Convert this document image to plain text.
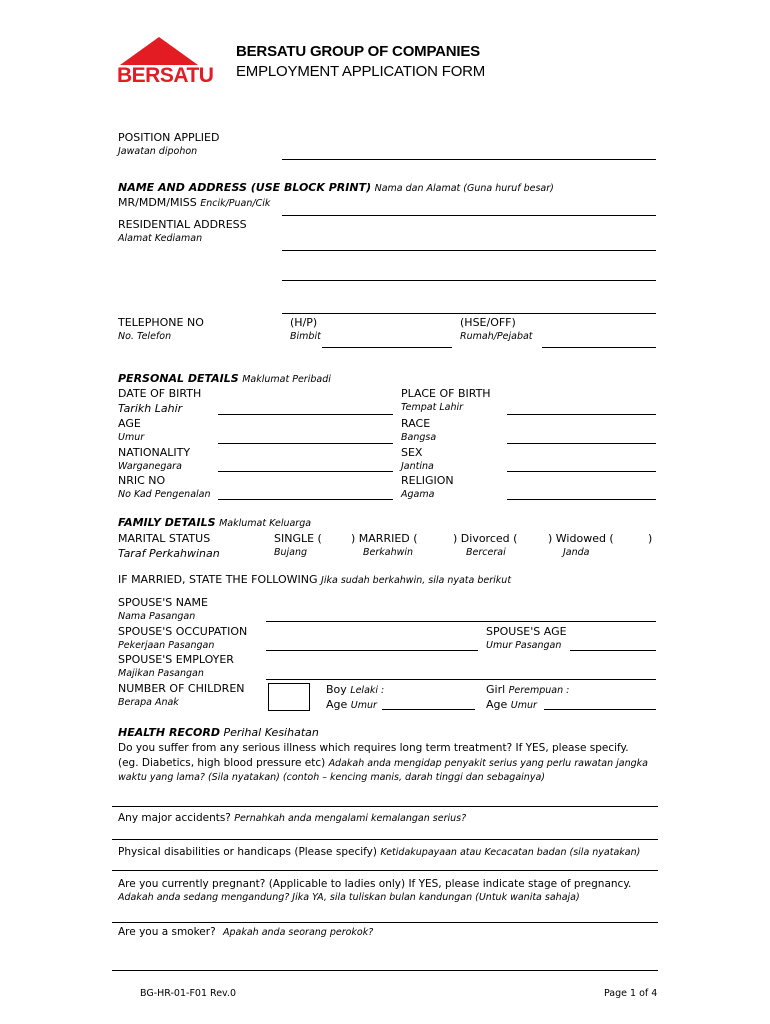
BERSATU
BERSATU GROUP OF COMPANIES
EMPLOYMENT APPLICATION FORM
POSITION APPLIED
Jawatan dipohon
NAME AND ADDRESS (USE BLOCK PRINT) Nama dan Alamat (Guna huruf besar)
MR/MDM/MISS Encik/Puan/Cik
RESIDENTIAL ADDRESS
Alamat Kediaman
TELEPHONE NO
No. Telefon
(H/P)
Bimbit
(HSE/OFF)
Rumah/Pejabat
PERSONAL DETAILS Maklumat Peribadi
DATE OF BIRTH
Tarikh Lahir
AGE
Umur
NATIONALITY
Warganegara
NRIC NO
No Kad Pengenalan
PLACE OF BIRTH
Tempat Lahir
RACE
Bangsa
SEX
Jantina
RELIGION
Agama
FAMILY DETAILS Maklumat Keluarga
MARITAL STATUS
Taraf Perkahwinan
SINGLE (
Bujang
) MARRIED (
Berkahwin
) Divorced (
Bercerai
) Widowed (
Janda
)
IF MARRIED, STATE THE FOLLOWING Jika sudah berkahwin, sila nyata berikut
SPOUSE'S NAME
Nama Pasangan
SPOUSE'S OCCUPATION
Pekerjaan Pasangan
SPOUSE'S AGE
Umur Pasangan
SPOUSE'S EMPLOYER
Majikan Pasangan
NUMBER OF CHILDREN
Berapa Anak
Boy Lelaki :
Age Umur
Girl Perempuan :
Age Umur
HEALTH RECORD Perihal Kesihatan
Do you suffer from any serious illness which requires long term treatment? If YES, please specify.
(eg. Diabetics, high blood pressure etc) Adakah anda mengidap penyakit serius yang perlu rawatan jangka
waktu yang lama? (Sila nyatakan) (contoh – kencing manis, darah tinggi dan sebagainya)
Any major accidents? Pernahkah anda mengalami kemalangan serius?
Physical disabilities or handicaps (Please specify) Ketidakupayaan atau Kecacatan badan (sila nyatakan)
Are you currently pregnant? (Applicable to ladies only) If YES, please indicate stage of pregnancy.
Adakah anda sedang mengandung? Jika YA, sila tuliskan bulan kandungan (Untuk wanita sahaja)
Are you a smoker? Apakah anda seorang perokok?
BG-HR-01-F01 Rev.0	Page 1 of 4
